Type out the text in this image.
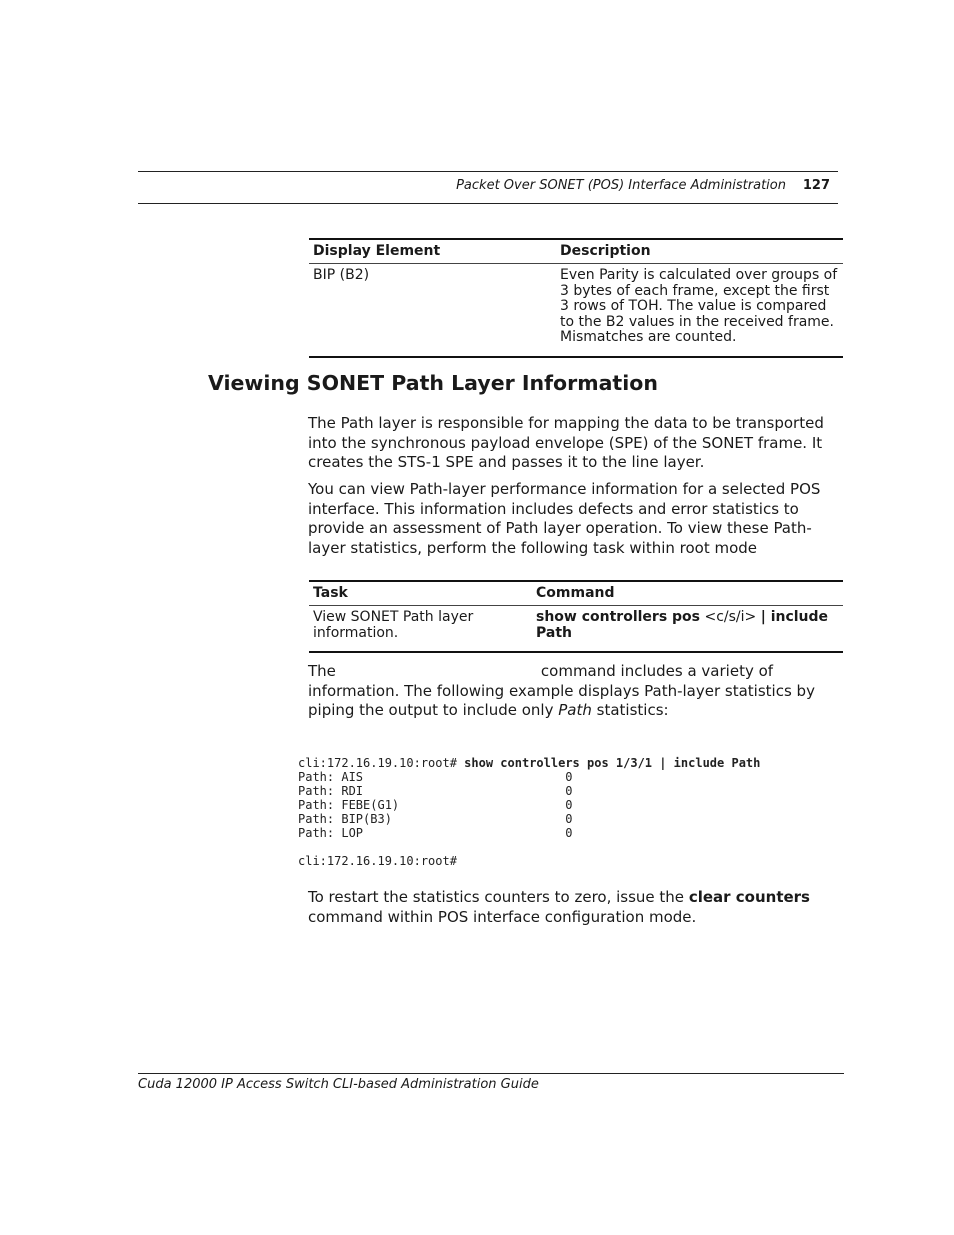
Packet Over SONET (POS) Interface Administration 127
Display Element	Description
BIP (B2)	Even Parity is calculated over groups of 3 bytes of each frame, except the first 3 rows of TOH. The value is compared to the B2 values in the received frame. Mismatches are counted.
Viewing SONET Path Layer Information

The Path layer is responsible for mapping the data to be transported into the synchronous payload envelope (SPE) of the SONET frame. It creates the STS-1 SPE and passes it to the line layer.

You can view Path-layer performance information for a selected POS interface. This information includes defects and error statistics to provide an assessment of Path layer operation. To view these Path-layer statistics, perform the following task within root mode

Task	Command
View SONET Path layer information.	show controllers pos <c/s/i> | include Path

The	command includes a variety of information. The following example displays Path-layer statistics by piping the output to include only Path statistics:

cli:172.16.19.10:root# show controllers pos 1/3/1 | include Path
Path: AIS                            0
Path: RDI                            0
Path: FEBE(G1)                       0
Path: BIP(B3)                        0
Path: LOP                            0

cli:172.16.19.10:root#

To restart the statistics counters to zero, issue the clear counters command within POS interface configuration mode.

Cuda 12000 IP Access Switch CLI-based Administration Guide
